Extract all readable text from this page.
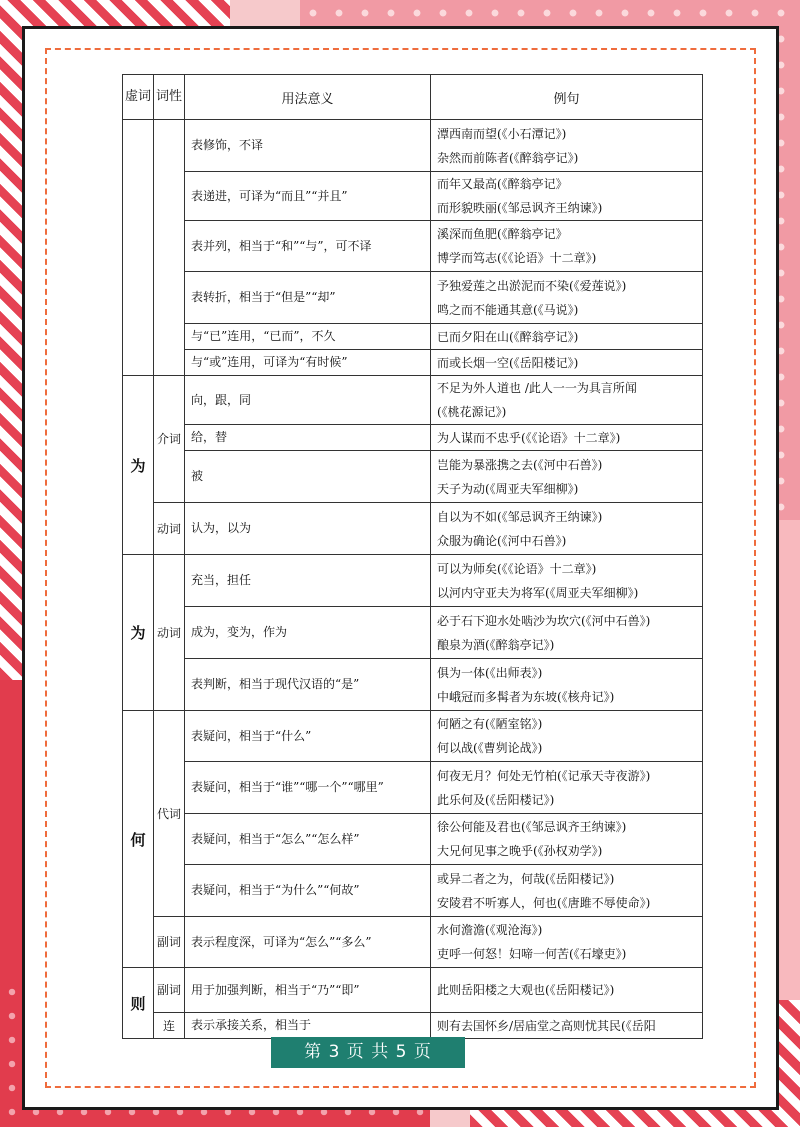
虚词	词性	用法意义	例句
		表修饰，不译	潭西南而望(《小石潭记》)
杂然而前陈者(《醉翁亭记》)

		表递进，可译为“而且”“并且”	而年又最高(《醉翁亭记》
而形貌昳丽(《邹忌讽齐王纳谏》)

		表并列，相当于“和”“与”，可不译	溪深而鱼肥(《醉翁亭记》
博学而笃志(《《论语》十二章》)

		表转折，相当于“但是”“却”	予独爱莲之出淤泥而不染(《爱莲说》)
鸣之而不能通其意(《马说》)

		与“已”连用，“已而”，不久	已而夕阳在山(《醉翁亭记》)

		与“或”连用，可译为“有时候”	而或长烟一空(《岳阳楼记》)

为	介词	向，跟，同	不足为外人道也 /此人一一为具言所闻
(《桃花源记》)

		给，替	为人谋而不忠乎(《《论语》十二章》)

		被	岂能为暴涨携之去(《河中石兽》)
天子为动(《周亚夫军细柳》)

	动词	认为，以为	自以为不如(《邹忌讽齐王纳谏》)
众服为确论(《河中石兽》)

为	动词	充当，担任	可以为师矣(《《论语》十二章》)
以河内守亚夫为将军(《周亚夫军细柳》)

		成为，变为，作为	必于石下迎水处啮沙为坎穴(《河中石兽》)
酿泉为酒(《醉翁亭记》)

		表判断，相当于现代汉语的“是”	俱为一体(《出师表》)
中峨冠而多髯者为东坡(《核舟记》)

何	代词	表疑问，相当于“什么”	何陋之有(《陋室铭》)
何以战(《曹刿论战》)

		表疑问，相当于“谁”“哪一个”“哪里”	何夜无月？何处无竹柏(《记承天寺夜游》)
此乐何及(《岳阳楼记》)

		表疑问，相当于“怎么”“怎么样”	徐公何能及君也(《邹忌讽齐王纳谏》)
大兄何见事之晚乎(《孙权劝学》)

		表疑问，相当于“为什么”“何故”	或异二者之为，何哉(《岳阳楼记》)
安陵君不听寡人，何也(《唐雎不辱使命》)

	副词	表示程度深，可译为“怎么”“多么”	水何澹澹(《观沧海》)
吏呼一何怒！妇啼一何苦(《石壕吏》)

则	副词	用于加强判断，相当于“乃”“即”	此则岳阳楼之大观也(《岳阳楼记》)

	连	表示承接关系，相当于	则有去国怀乡/居庙堂之高则忧其民(《岳阳
第 3 页 共 5 页
